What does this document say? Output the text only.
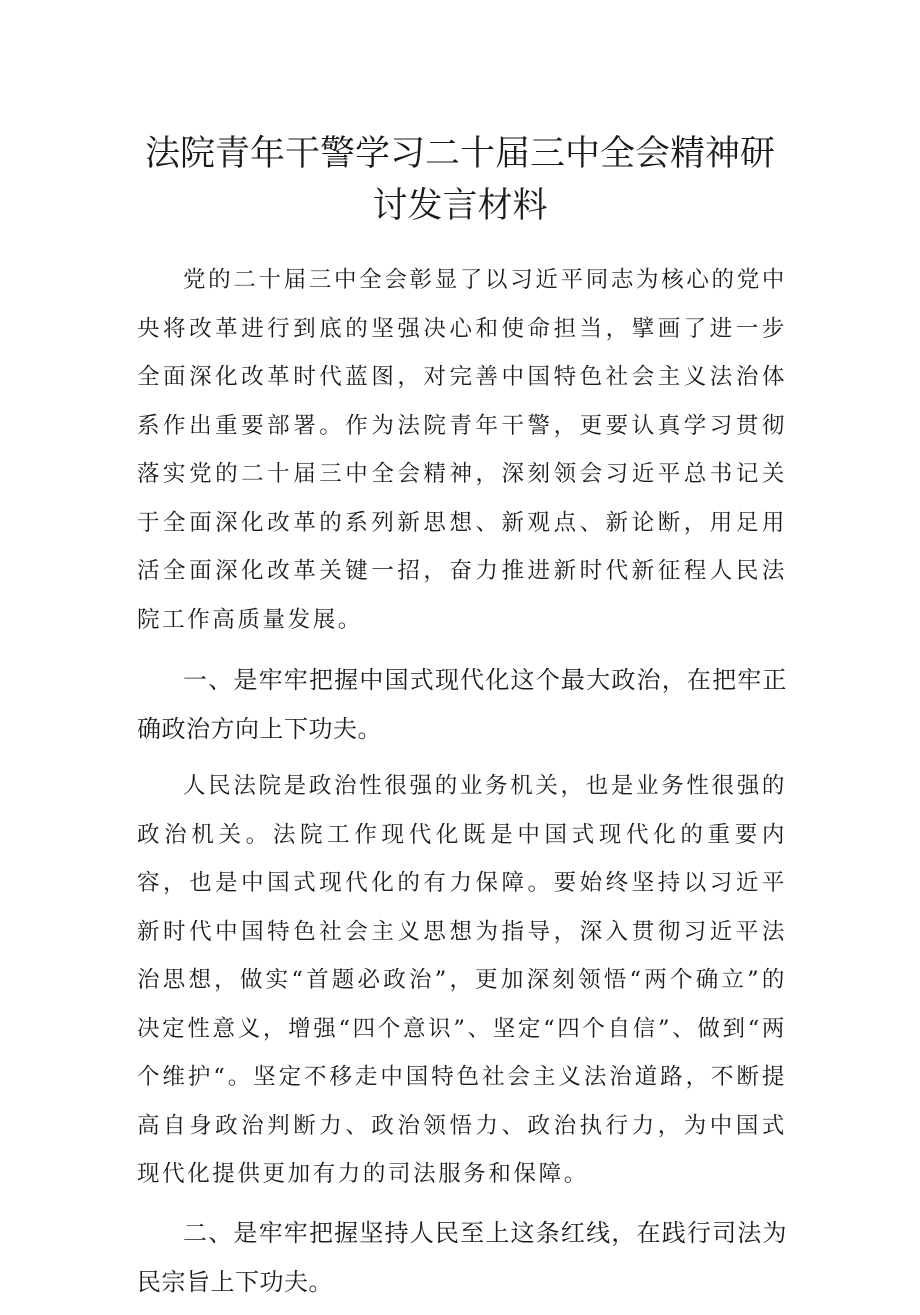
法院青年干警学习二十届三中全会精神研
讨发言材料

党的二十届三中全会彰显了以习近平同志为核心的党中央将改革进行到底的坚强决心和使命担当，擘画了进一步全面深化改革时代蓝图，对完善中国特色社会主义法治体系作出重要部署。作为法院青年干警，更要认真学习贯彻落实党的二十届三中全会精神，深刻领会习近平总书记关于全面深化改革的系列新思想、新观点、新论断，用足用活全面深化改革关键一招，奋力推进新时代新征程人民法院工作高质量发展。

一、是牢牢把握中国式现代化这个最大政治，在把牢正确政治方向上下功夫。

人民法院是政治性很强的业务机关，也是业务性很强的政治机关。法院工作现代化既是中国式现代化的重要内容，也是中国式现代化的有力保障。要始终坚持以习近平新时代中国特色社会主义思想为指导，深入贯彻习近平法治思想，做实“首题必政治”，更加深刻领悟“两个确立”的决定性意义，增强“四个意识”、坚定“四个自信”、做到“两个维护“。坚定不移走中国特色社会主义法治道路，不断提高自身政治判断力、政治领悟力、政治执行力，为中国式现代化提供更加有力的司法服务和保障。

二、是牢牢把握坚持人民至上这条红线，在践行司法为民宗旨上下功夫。
